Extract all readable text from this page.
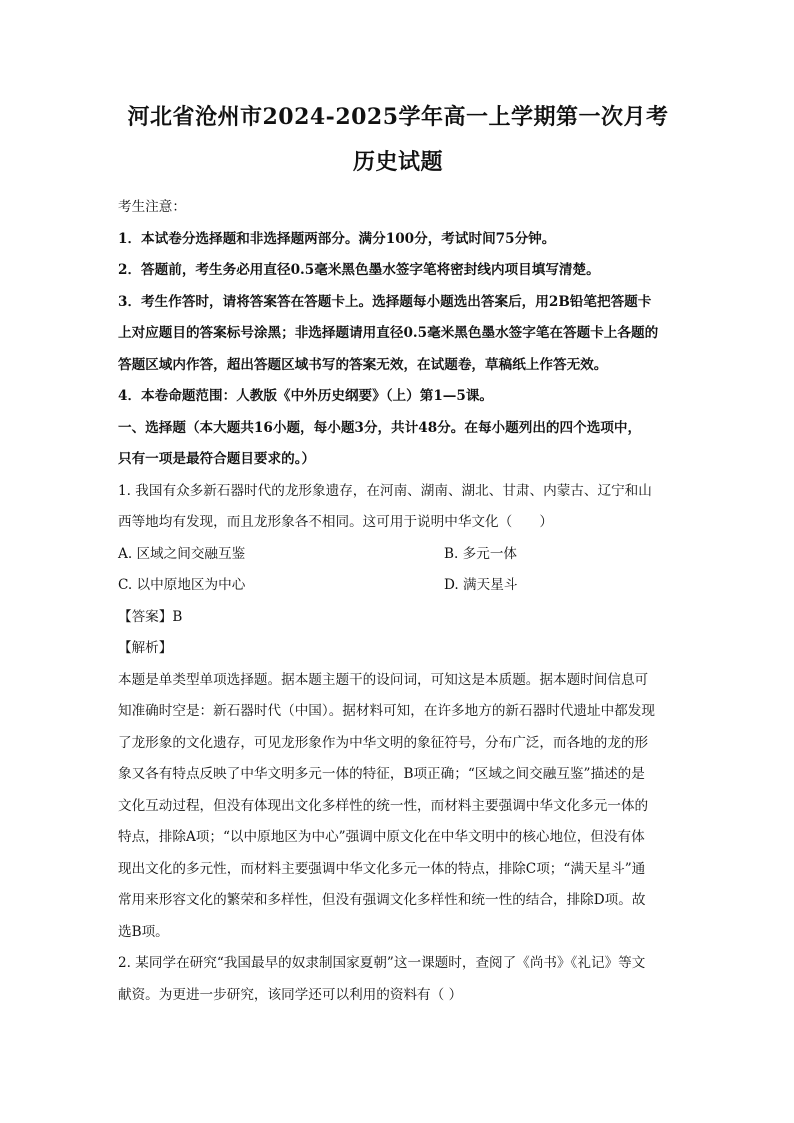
河北省沧州市2024-2025学年高一上学期第一次月考
历史试题
考生注意：
1．本试卷分选择题和非选择题两部分。满分100分，考试时间75分钟。
2．答题前，考生务必用直径0.5毫米黑色墨水签字笔将密封线内项目填写清楚。
3．考生作答时，请将答案答在答题卡上。选择题每小题选出答案后，用2B铅笔把答题卡
上对应题目的答案标号涂黑；非选择题请用直径0.5毫米黑色墨水签字笔在答题卡上各题的
答题区域内作答，超出答题区域书写的答案无效，在试题卷，草稿纸上作答无效。
4．本卷命题范围：人教版《中外历史纲要》（上）第1—5课。
一、选择题（本大题共16小题，每小题3分，共计48分。在每小题列出的四个选项中，
只有一项是最符合题目要求的。）
1. 我国有众多新石器时代的龙形象遗存，在河南、湖南、湖北、甘肃、内蒙古、辽宁和山
西等地均有发现，而且龙形象各不相同。这可用于说明中华文化（　　）
A. 区域之间交融互鉴	B. 多元一体
C. 以中原地区为中心	D. 满天星斗
【答案】B
【解析】
本题是单类型单项选择题。据本题主题干的设问词，可知这是本质题。据本题时间信息可
知准确时空是：新石器时代（中国）。据材料可知，在许多地方的新石器时代遗址中都发现
了龙形象的文化遗存，可见龙形象作为中华文明的象征符号，分布广泛，而各地的龙的形
象又各有特点反映了中华文明多元一体的特征，B项正确；“区域之间交融互鉴”描述的是
文化互动过程，但没有体现出文化多样性的统一性，而材料主要强调中华文化多元一体的
特点，排除A项；“以中原地区为中心”强调中原文化在中华文明中的核心地位，但没有体
现出文化的多元性，而材料主要强调中华文化多元一体的特点，排除C项；“满天星斗”通
常用来形容文化的繁荣和多样性，但没有强调文化多样性和统一性的结合，排除D项。故
选B项。
2. 某同学在研究“我国最早的奴隶制国家夏朝”这一课题时，查阅了《尚书》《礼记》等文
献资。为更进一步研究，该同学还可以利用的资料有（ ）
